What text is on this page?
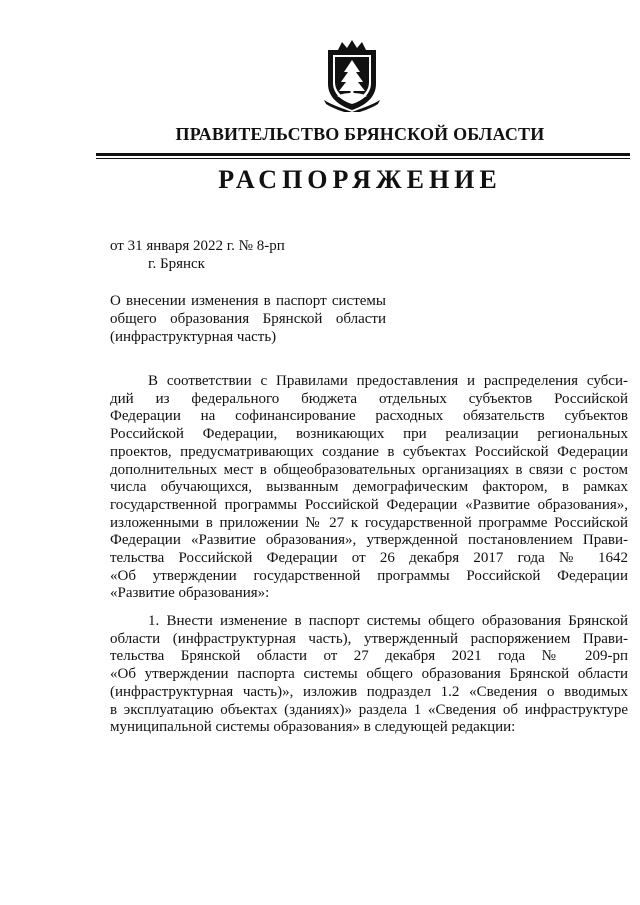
ПРАВИТЕЛЬСТВО БРЯНСКОЙ ОБЛАСТИ
РАСПОРЯЖЕНИЕ
от 31 января 2022 г. № 8-рп
г. Брянск
О внесении изменения в паспорт системы
общего образования Брянской области
(инфраструктурная часть)
В соответствии с Правилами предоставления и распределения субси-
дий из федерального бюджета отдельных субъектов Российской
Федерации на софинансирование расходных обязательств субъектов
Российской Федерации, возникающих при реализации региональных
проектов, предусматривающих создание в субъектах Российской Федерации
дополнительных мест в общеобразовательных организациях в связи с ростом
числа обучающихся, вызванным демографическим фактором, в рамках
государственной программы Российской Федерации «Развитие образования»,
изложенными в приложении № 27 к государственной программе Российской
Федерации «Развитие образования», утвержденной постановлением Прави-
тельства Российской Федерации от 26 декабря 2017 года № 1642
«Об утверждении государственной программы Российской Федерации
«Развитие образования»:
1. Внести изменение в паспорт системы общего образования Брянской
области (инфраструктурная часть), утвержденный распоряжением Прави-
тельства Брянской области от 27 декабря 2021 года № 209-рп
«Об утверждении паспорта системы общего образования Брянской области
(инфраструктурная часть)», изложив подраздел 1.2 «Сведения о вводимых
в эксплуатацию объектах (зданиях)» раздела 1 «Сведения об инфраструктуре
муниципальной системы образования» в следующей редакции:
